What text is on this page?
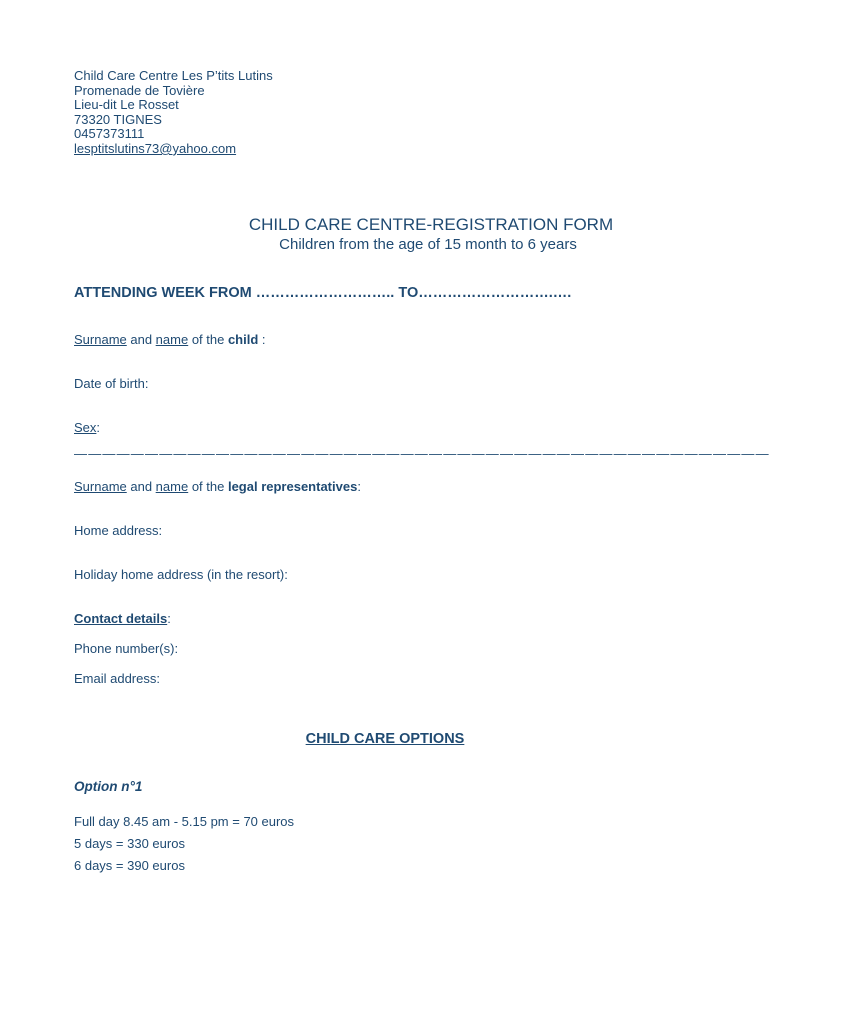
Child Care Centre Les P’tits Lutins
Promenade de Tovière
Lieu-dit Le Rosset
73320 TIGNES
0457373111
lesptitslutins73@yahoo.com
CHILD CARE CENTRE-REGISTRATION FORM
Children from the age of 15 month to 6 years
ATTENDING WEEK FROM ……………………….. TO……………………….….
Surname and name of the child :
Date of birth:
Sex:
—————————————————————————————————————————————————
Surname and name of the legal representatives:
Home address:
Holiday home address (in the resort):
Contact details:
Phone number(s):
Email address:
CHILD CARE OPTIONS
Option n°1
Full day 8.45 am - 5.15 pm = 70 euros
5 days = 330 euros
6 days = 390 euros
